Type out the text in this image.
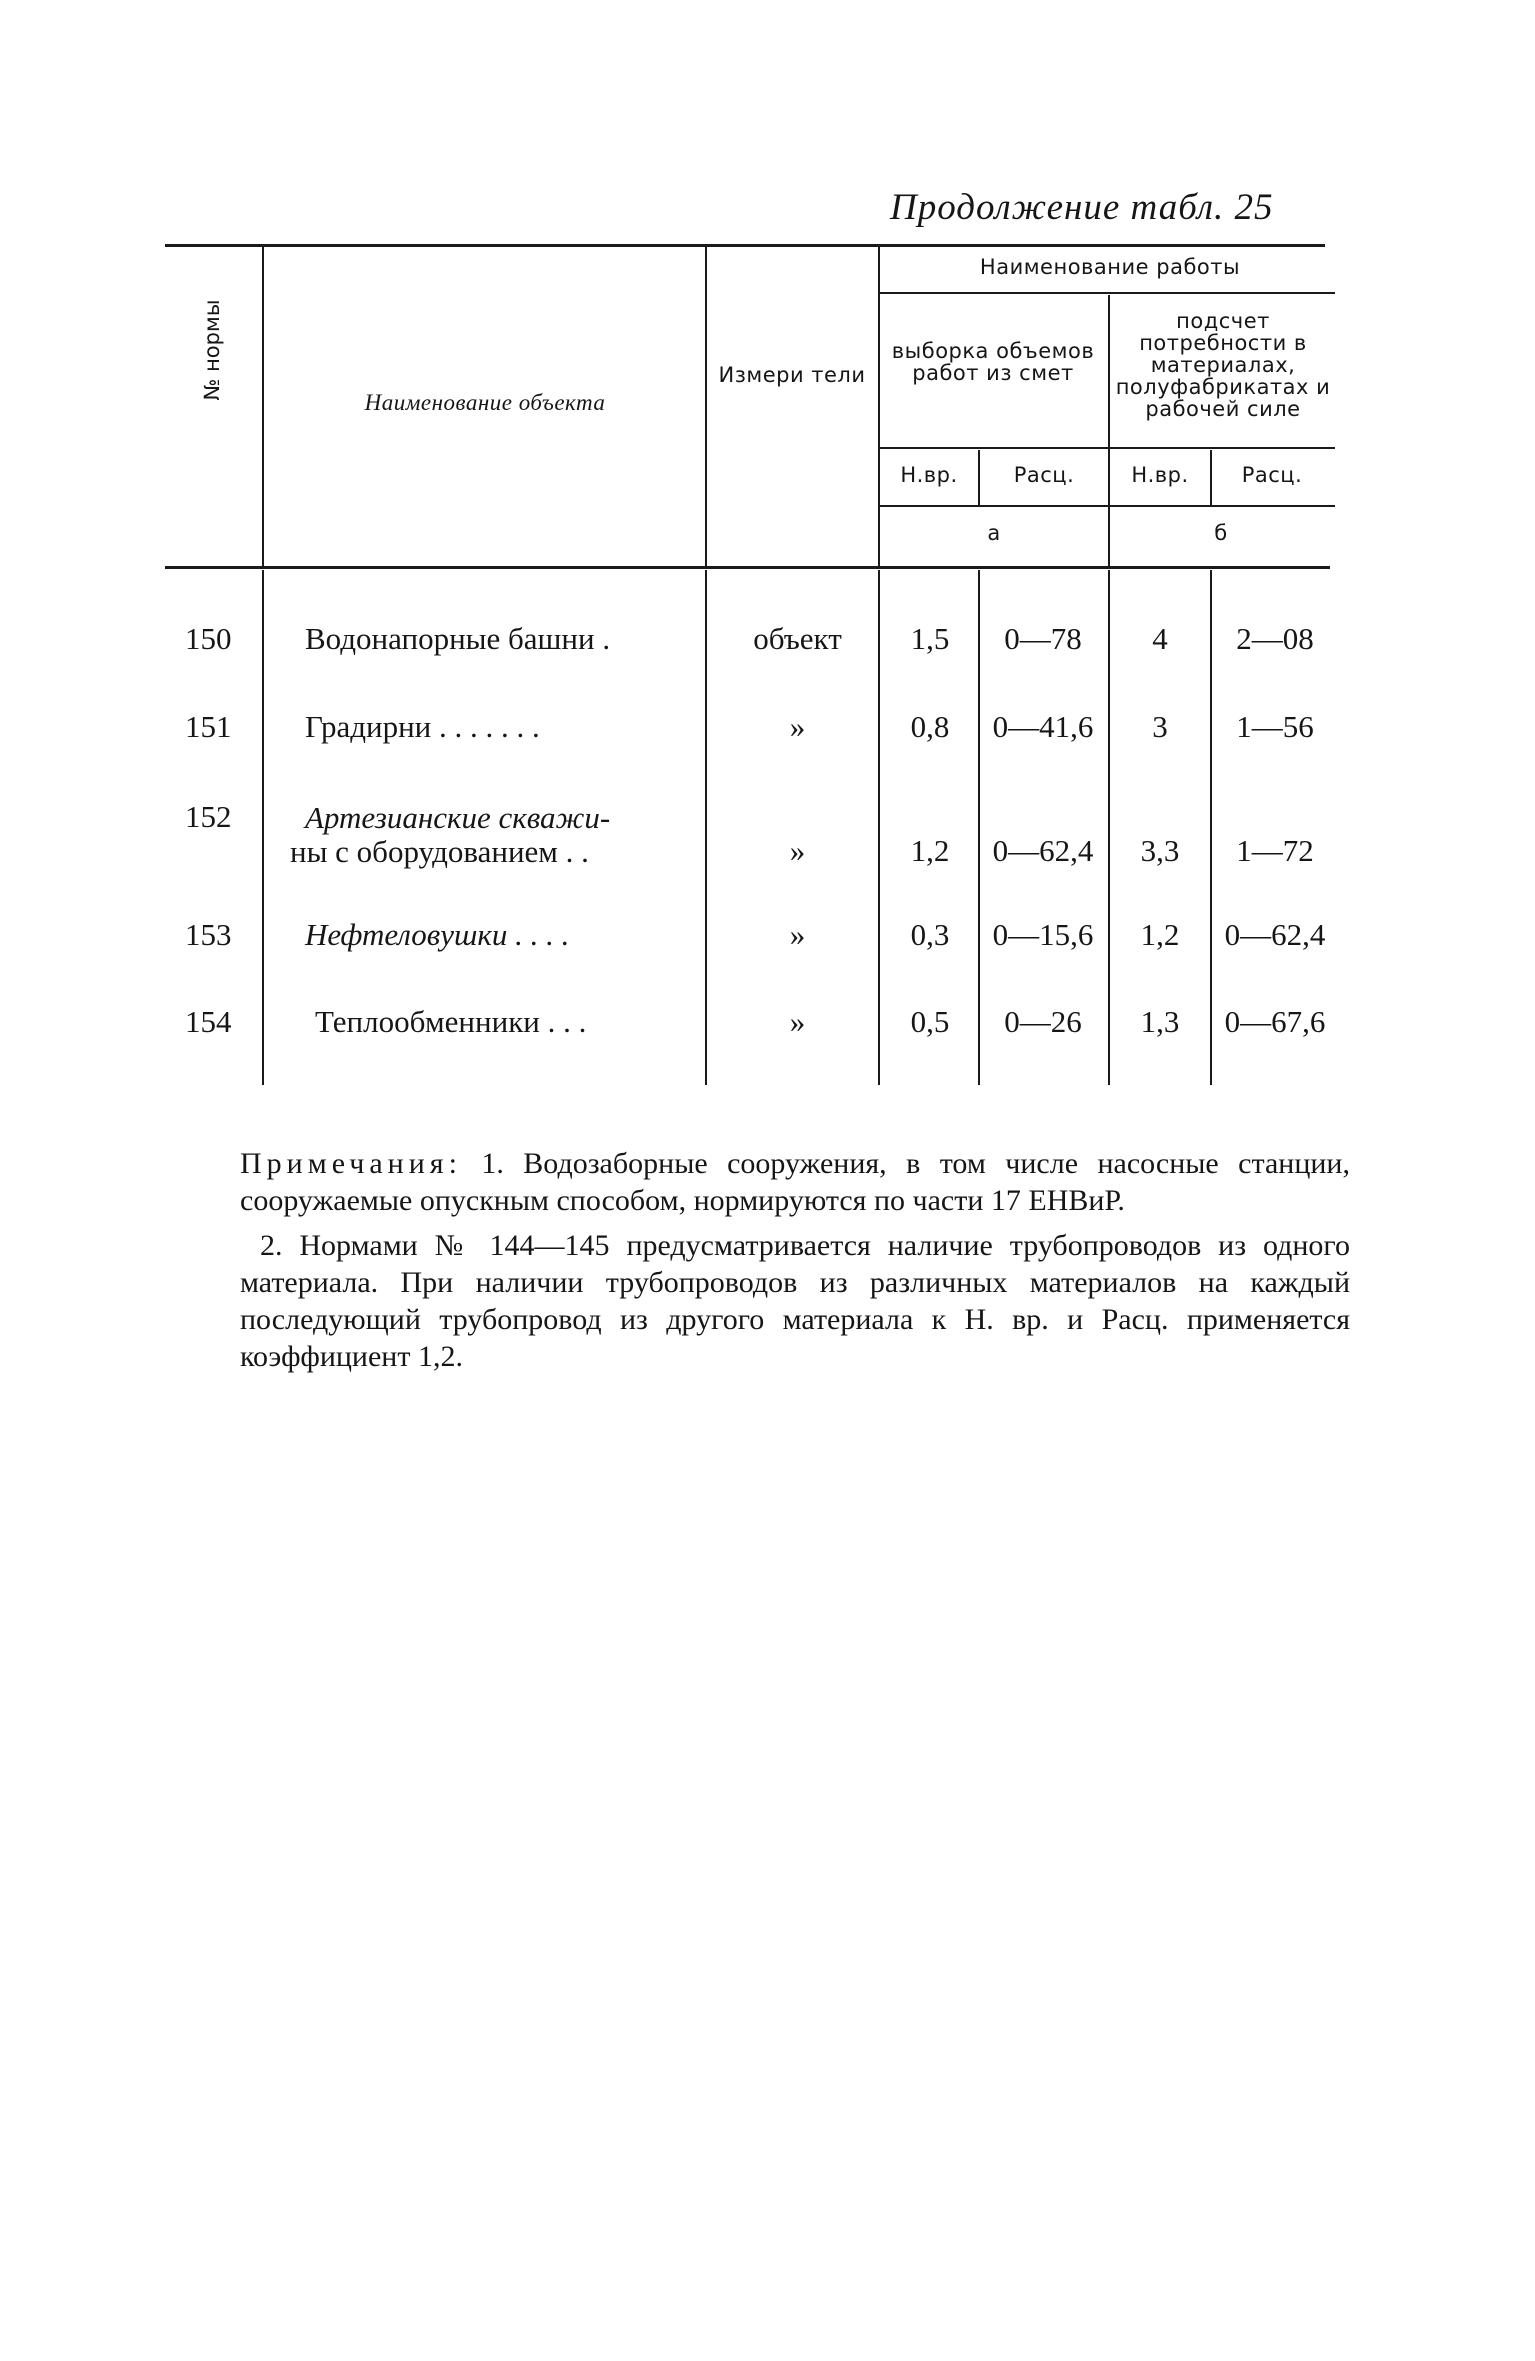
Продолжение табл. 25
№ нормы
Наименование объекта
Измери тели
Наименование работы
выборка объемов работ из смет
подсчет потребности в материалах, полуфабрикатах и рабочей силе
Н.вр.	Расц.	Н.вр.	Расц.
а	б
150	Водонапорные башни .	объект	1,5	0—78	4	2—08
151	Градирни . . . . . . .	»	0,8	0—41,6	3	1—56
152	Артезианские скважи-
ны с оборудованием . .	»	1,2	0—62,4	3,3	1—72
153	Нефтеловушки . . . .	»	0,3	0—15,6	1,2	0—62,4
154	Теплообменники . . .	»	0,5	0—26	1,3	0—67,6

Примечания: 1. Водозаборные сооружения, в том числе насосные станции, сооружаемые опускным способом, нормируются по части 17 ЕНВиР.

2. Нормами № 144—145 предусматривается наличие трубопроводов из одного материала. При наличии трубопроводов из различных материалов на каждый последующий трубопровод из другого материала к Н. вр. и Расц. применяется коэффициент 1,2.
